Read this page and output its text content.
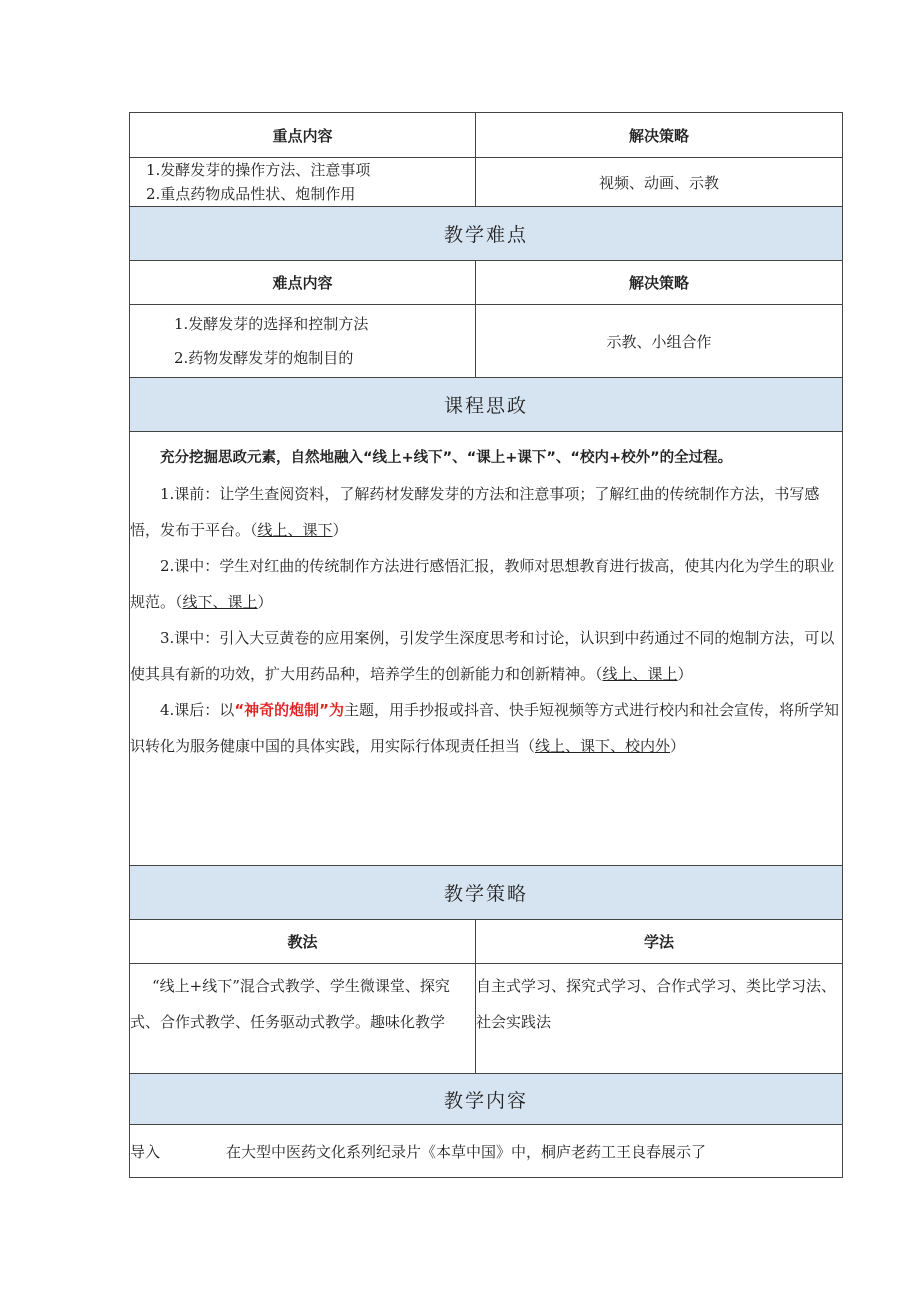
重点内容	解决策略

1.发酵发芽的操作方法、注意事项
2.重点药物成品性状、炮制作用	视频、动画、示教
教学难点	
难点内容	解决策略

1.发酵发芽的选择和控制方法
2.药物发酵发芽的炮制目的	示教、小组合作
课程思政	

充分挖掘思政元素，自然地融入“线上+线下”、“课上+课下”、“校内+校外”的全过程。

1.课前：让学生查阅资料，了解药材发酵发芽的方法和注意事项；了解红曲的传统制作方法，书写感悟，发布于平台。（线上、课下）

2.课中：学生对红曲的传统制作方法进行感悟汇报，教师对思想教育进行拔高，使其内化为学生的职业规范。（线下、课上）

3.课中：引入大豆黄卷的应用案例，引发学生深度思考和讨论，认识到中药通过不同的炮制方法，可以使其具有新的功效，扩大用药品种，培养学生的创新能力和创新精神。（线上、课上）

4.课后：以“神奇的炮制”为主题，用手抄报或抖音、快手短视频等方式进行校内和社会宣传，将所学知识转化为服务健康中国的具体实践，用实际行体现责任担当（线上、课下、校内外）	

教学策略	
教法	学法
“线上+线下”混合式教学、学生微课堂、探究式、合作式教学、任务驱动式教学。趣味化教学	自主式学习、探究式学习、合作式学习、类比学习法、社会实践法
教学内容	
导入 在大型中医药文化系列纪录片《本草中国》中，桐庐老药工王良春展示了	
